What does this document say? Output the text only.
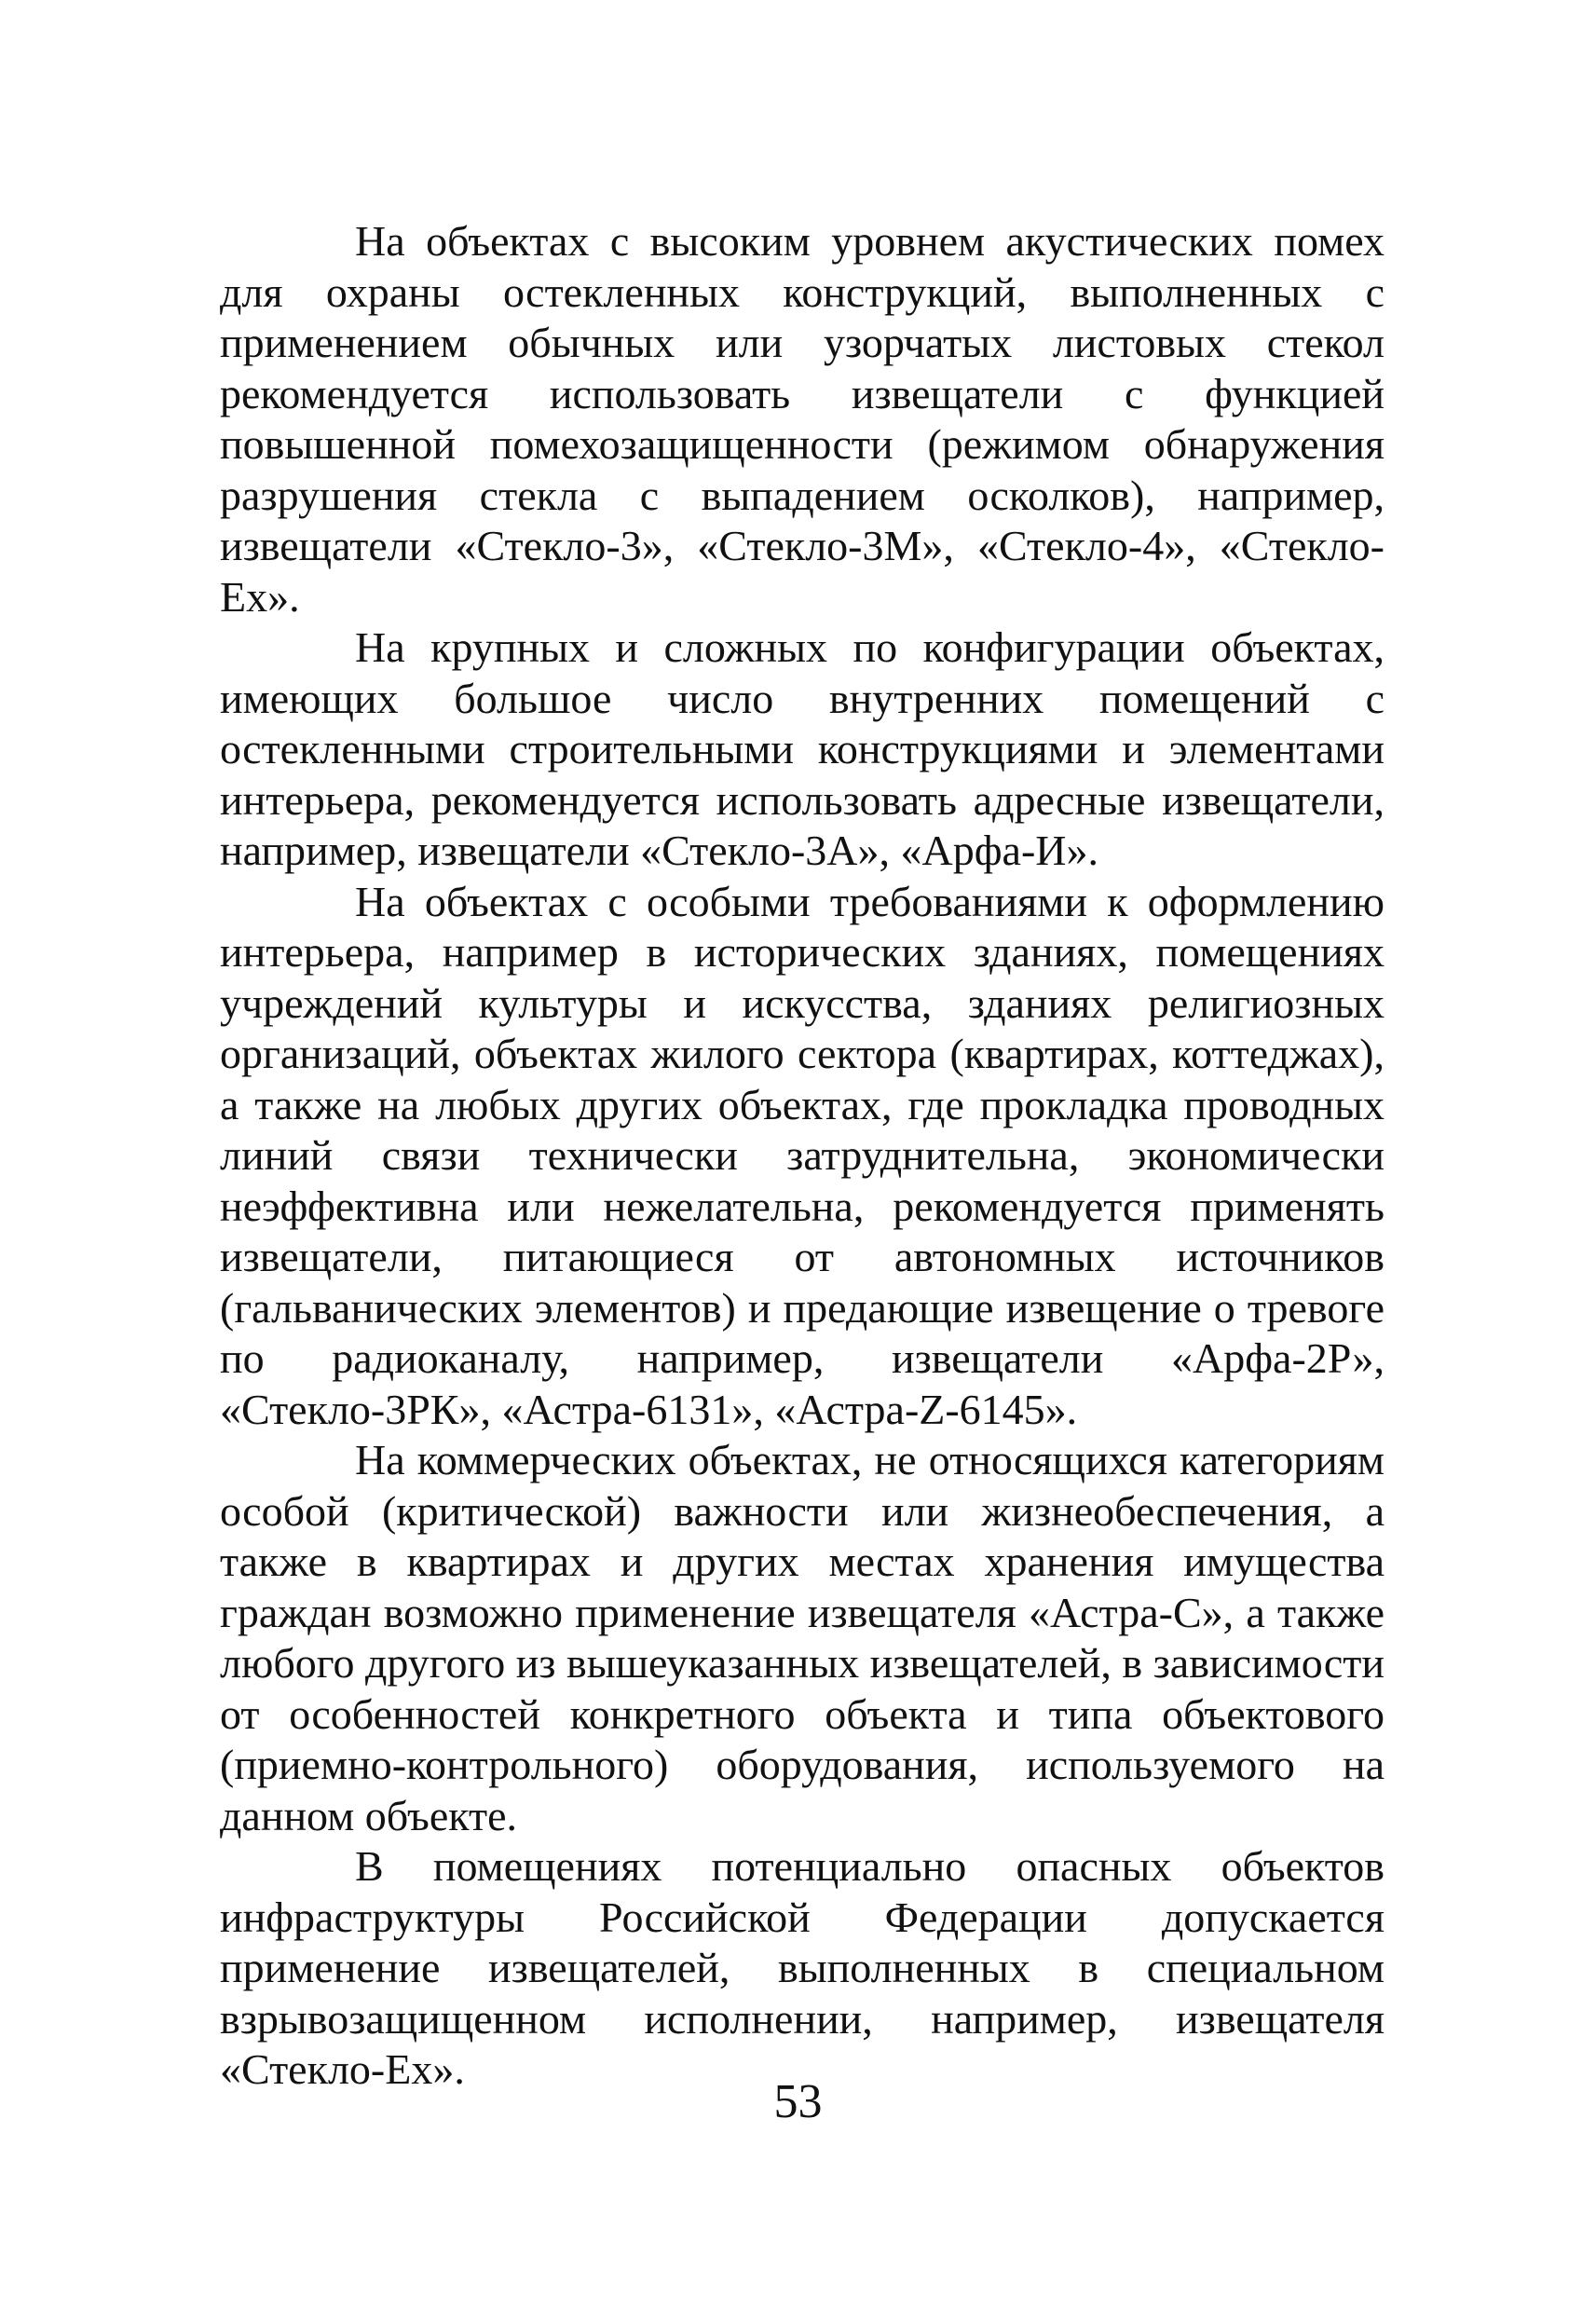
На объектах с высоким уровнем акустических помех для охраны остекленных конструкций, выполненных с применением обычных или узорчатых листовых стекол рекомендуется использовать извещатели с функцией повышенной помехозащищенности (режимом обнаружения разрушения стекла с выпадением осколков), например, извещатели «Стекло-3», «Стекло-3М», «Стекло-4», «Стекло-Ех».

На крупных и сложных по конфигурации объектах, имеющих большое число внутренних помещений с остекленными строительными конструкциями и элементами интерьера, рекомендуется использовать адресные извещатели, например, извещатели «Стекло-3А», «Арфа-И».

На объектах с особыми требованиями к оформлению интерьера, например в исторических зданиях, помещениях учреждений культуры и искусства, зданиях религиозных организаций, объектах жилого сектора (квартирах, коттеджах), а также на любых других объектах, где прокладка проводных линий связи технически затруднительна, экономически неэффективна или нежелательна, рекомендуется применять извещатели, питающиеся от автономных источников (гальванических элементов) и предающие извещение о тревоге по радиоканалу, например, извещатели «Арфа-2Р», «Стекло-3РК», «Астра-6131», «Астра-Z-6145».

На коммерческих объектах, не относящихся категориям особой (критической) важности или жизнеобеспечения, а также в квартирах и других местах хранения имущества граждан возможно применение извещателя «Астра-С», а также любого другого из вышеуказанных извещателей, в зависимости от особенностей конкретного объекта и типа объектового (приемно-контрольного) оборудования, используемого на данном объекте.

В помещениях потенциально опасных объектов инфраструктуры Российской Федерации допускается применение извещателей, выполненных в специальном взрывозащищенном исполнении, например, извещателя «Стекло-Ех».

53
